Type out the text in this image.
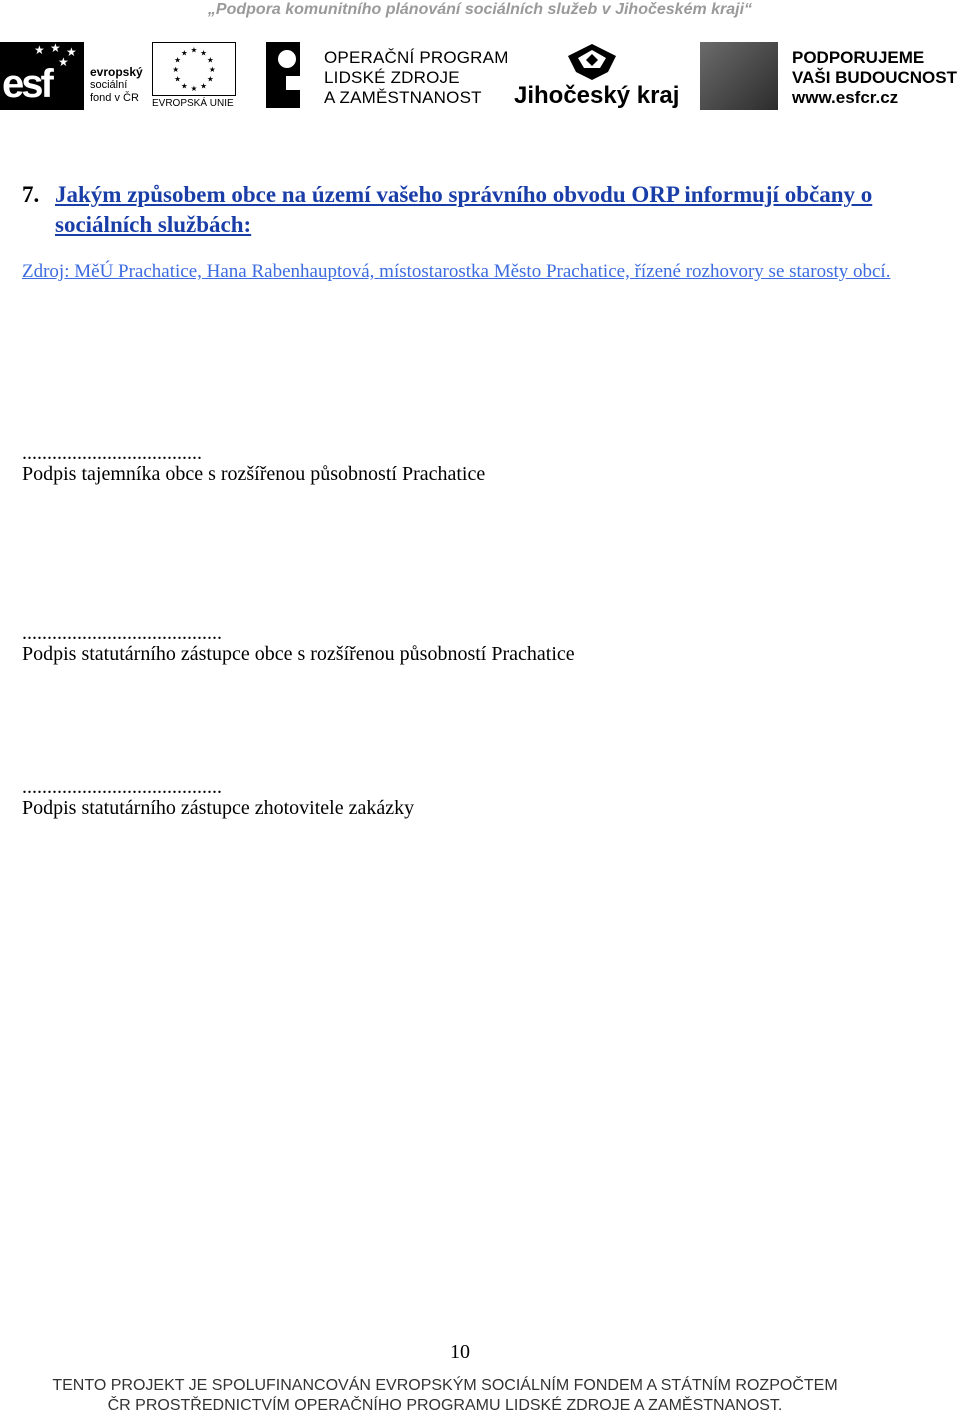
„Podpora komunitního plánování sociálních služeb v Jihočeském kraji“
★ ★ ★
★
esf	evropský
sociální
fond v ČR
★ ★
★
★
★
★
★
★
★
★
★
★
EVROPSKÁ UNIE
OPERAČNÍ PROGRAM
LIDSKÉ ZDROJE
A ZAMĚSTNANOST	Jihočeský kraj
PODPORUJEME
VAŠI BUDOUCNOST
www.esfcr.cz
7. Jakým způsobem obce na území vašeho správního obvodu ORP informují občany o sociálních službách:
Zdroj: MěÚ Prachatice, Hana Rabenhauptová, místostarostka Město Prachatice, řízené rozhovory se starosty obcí.
....................................
Podpis tajemníka obce s rozšířenou působností Prachatice
........................................
Podpis statutárního zástupce obce s rozšířenou působností Prachatice
........................................
Podpis statutárního zástupce zhotovitele zakázky
10
TENTO PROJEKT JE SPOLUFINANCOVÁN EVROPSKÝM SOCIÁLNÍM FONDEM A STÁTNÍM ROZPOČTEM
ČR PROSTŘEDNICTVÍM OPERAČNÍHO PROGRAMU LIDSKÉ ZDROJE A ZAMĚSTNANOST.
